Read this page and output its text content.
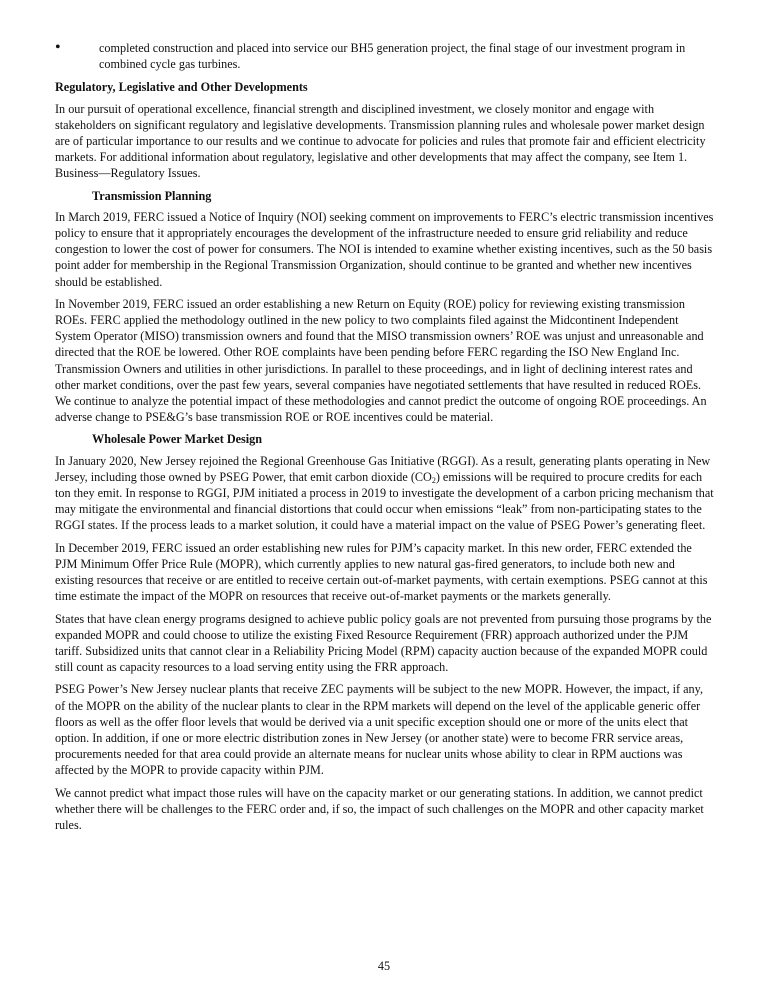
•	completed construction and placed into service our BH5 generation project, the final stage of our investment program in combined cycle gas turbines.
Regulatory, Legislative and Other Developments

In our pursuit of operational excellence, financial strength and disciplined investment, we closely monitor and engage with stakeholders on significant regulatory and legislative developments. Transmission planning rules and wholesale power market design are of particular importance to our results and we continue to advocate for policies and rules that promote fair and efficient electricity markets. For additional information about regulatory, legislative and other developments that may affect the company, see Item 1. Business—Regulatory Issues.

Transmission Planning

In March 2019, FERC issued a Notice of Inquiry (NOI) seeking comment on improvements to FERC’s electric transmission incentives policy to ensure that it appropriately encourages the development of the infrastructure needed to ensure grid reliability and reduce congestion to lower the cost of power for consumers. The NOI is intended to examine whether existing incentives, such as the 50 basis point adder for membership in the Regional Transmission Organization, should continue to be granted and whether new incentives should be established.

In November 2019, FERC issued an order establishing a new Return on Equity (ROE) policy for reviewing existing transmission ROEs. FERC applied the methodology outlined in the new policy to two complaints filed against the Midcontinent Independent System Operator (MISO) transmission owners and found that the MISO transmission owners’ ROE was unjust and unreasonable and directed that the ROE be lowered. Other ROE complaints have been pending before FERC regarding the ISO New England Inc. Transmission Owners and utilities in other jurisdictions. In parallel to these proceedings, and in light of declining interest rates and other market conditions, over the past few years, several companies have negotiated settlements that have resulted in reduced ROEs. We continue to analyze the potential impact of these methodologies and cannot predict the outcome of ongoing ROE proceedings. An adverse change to PSE&G’s base transmission ROE or ROE incentives could be material.

Wholesale Power Market Design

In January 2020, New Jersey rejoined the Regional Greenhouse Gas Initiative (RGGI). As a result, generating plants operating in New Jersey, including those owned by PSEG Power, that emit carbon dioxide $(CO_2)$ emissions will be required to procure credits for each ton they emit. In response to RGGI, PJM initiated a process in 2019 to investigate the development of a carbon pricing mechanism that may mitigate the environmental and financial distortions that could occur when emissions “leak” from non-participating states to the RGGI states. If the process leads to a market solution, it could have a material impact on the value of PSEG Power’s generating fleet.

In December 2019, FERC issued an order establishing new rules for PJM’s capacity market. In this new order, FERC extended the PJM Minimum Offer Price Rule (MOPR), which currently applies to new natural gas-fired generators, to include both new and existing resources that receive or are entitled to receive certain out-of-market payments, with certain exemptions. PSEG cannot at this time estimate the impact of the MOPR on resources that receive out-of-market payments or the markets generally.

States that have clean energy programs designed to achieve public policy goals are not prevented from pursuing those programs by the expanded MOPR and could choose to utilize the existing Fixed Resource Requirement (FRR) approach authorized under the PJM tariff. Subsidized units that cannot clear in a Reliability Pricing Model (RPM) capacity auction because of the expanded MOPR could still count as capacity resources to a load serving entity using the FRR approach.

PSEG Power’s New Jersey nuclear plants that receive ZEC payments will be subject to the new MOPR. However, the impact, if any, of the MOPR on the ability of the nuclear plants to clear in the RPM markets will depend on the level of the applicable generic offer floors as well as the offer floor levels that would be derived via a unit specific exception should one or more of the units elect that option. In addition, if one or more electric distribution zones in New Jersey (or another state) were to become FRR service areas, procurements needed for that area could provide an alternate means for nuclear units whose ability to clear in RPM auctions was affected by the MOPR to provide capacity within PJM.

We cannot predict what impact those rules will have on the capacity market or our generating stations. In addition, we cannot predict whether there will be challenges to the FERC order and, if so, the impact of such challenges on the MOPR and other capacity market rules.

45
